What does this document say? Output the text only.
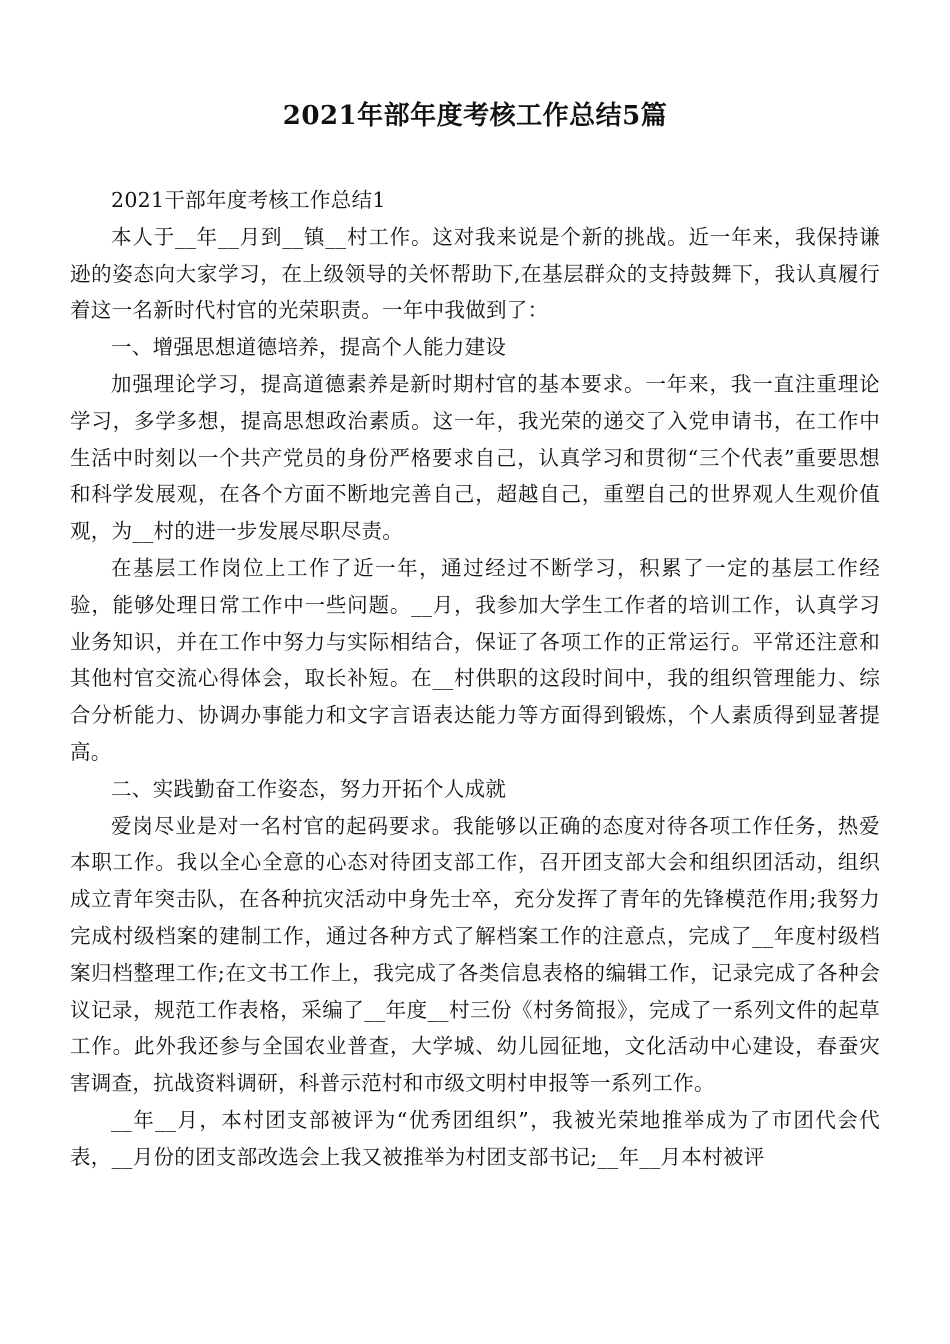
2021年部年度考核工作总结5篇

2021干部年度考核工作总结1

本人于__年__月到__镇__村工作。这对我来说是个新的挑战。近一年来，我保持谦逊的姿态向大家学习，在上级领导的关怀帮助下,在基层群众的支持鼓舞下，我认真履行着这一名新时代村官的光荣职责。一年中我做到了：

一、增强思想道德培养，提高个人能力建设

加强理论学习，提高道德素养是新时期村官的基本要求。一年来，我一直注重理论学习，多学多想，提高思想政治素质。这一年，我光荣的递交了入党申请书，在工作中生活中时刻以一个共产党员的身份严格要求自己，认真学习和贯彻“三个代表”重要思想和科学发展观，在各个方面不断地完善自己，超越自己，重塑自己的世界观人生观价值观，为__村的进一步发展尽职尽责。

在基层工作岗位上工作了近一年，通过经过不断学习，积累了一定的基层工作经验，能够处理日常工作中一些问题。__月，我参加大学生工作者的培训工作，认真学习业务知识，并在工作中努力与实际相结合，保证了各项工作的正常运行。平常还注意和其他村官交流心得体会，取长补短。在__村供职的这段时间中，我的组织管理能力、综合分析能力、协调办事能力和文字言语表达能力等方面得到锻炼，个人素质得到显著提高。

二、实践勤奋工作姿态，努力开拓个人成就

爱岗尽业是对一名村官的起码要求。我能够以正确的态度对待各项工作任务，热爱本职工作。我以全心全意的心态对待团支部工作，召开团支部大会和组织团活动，组织成立青年突击队，在各种抗灾活动中身先士卒，充分发挥了青年的先锋模范作用;我努力完成村级档案的建制工作，通过各种方式了解档案工作的注意点，完成了__年度村级档案归档整理工作;在文书工作上，我完成了各类信息表格的编辑工作，记录完成了各种会议记录，规范工作表格，采编了__年度__村三份《村务简报》，完成了一系列文件的起草工作。此外我还参与全国农业普查，大学城、幼儿园征地，文化活动中心建设，春蚕灾害调查，抗战资料调研，科普示范村和市级文明村申报等一系列工作。

__年__月，本村团支部被评为“优秀团组织”，我被光荣地推举成为了市团代会代表，__月份的团支部改选会上我又被推举为村团支部书记;__年__月本村被评
